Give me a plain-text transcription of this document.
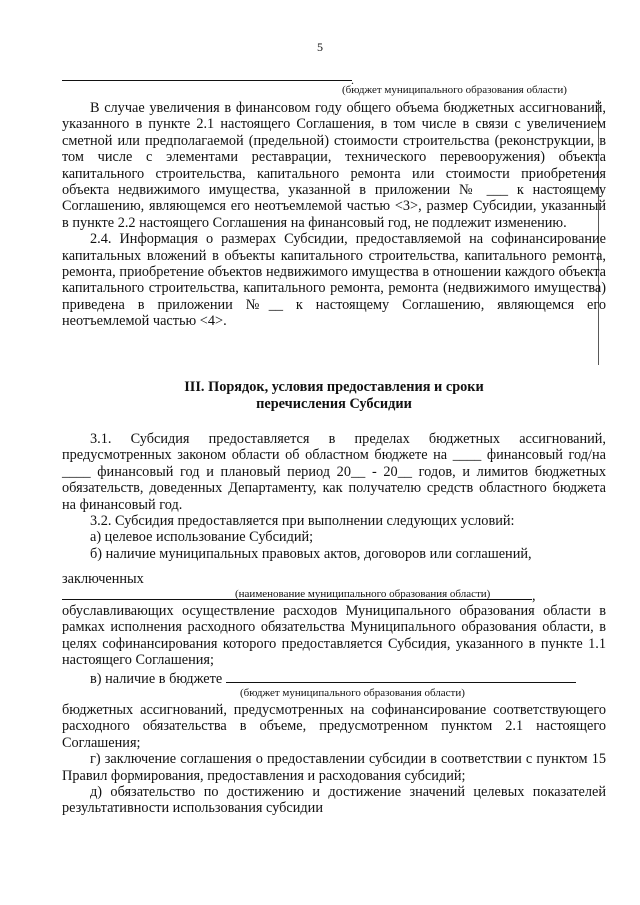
5
.
(бюджет муниципального образования области)

В случае увеличения в финансовом году общего объема бюджетных ассигнований, указанного в пункте 2.1 настоящего Соглашения, в том числе в связи с увеличением сметной или предполагаемой (предельной) стоимости строительства (реконструкции, в том числе с элементами реставрации, технического перевооружения) объекта капитального строительства, капитального ремонта или стоимости приобретения объекта недвижимого имущества, указанной в приложении № ___ к настоящему Соглашению, являющемся его неотъемлемой частью <3>, размер Субсидии, указанный в пункте 2.2 настоящего Соглашения на финансовый год, не подлежит изменению.

2.4. Информация о размерах Субсидии, предоставляемой на софинансирование капитальных вложений в объекты капитального строительства, капитального ремонта, ремонта, приобретение объектов недвижимого имущества в отношении каждого объекта капитального строительства, капитального ремонта, ремонта (недвижимого имущества) приведена в приложении №__ к настоящему Соглашению, являющемся его неотъемлемой частью <4>.

III. Порядок, условия предоставления и сроки
перечисления Субсидии

3.1. Субсидия предоставляется в пределах бюджетных ассигнований, предусмотренных законом области об областном бюджете на ____ финансовый год/на ____ финансовый год и плановый период 20__ - 20__ годов, и лимитов бюджетных обязательств, доведенных Департаменту, как получателю средств областного бюджета на финансовый год.

3.2. Субсидия предоставляется при выполнении следующих условий:

а) целевое использование Субсидий;

б) наличие муниципальных правовых актов, договоров или соглашений,

заключенных,

(наименование муниципального образования области)

обуславливающих осуществление расходов Муниципального образования области в рамках исполнения расходного обязательства Муниципального образования области, в целях софинансирования которого предоставляется Субсидия, указанного в пункте 1.1 настоящего Соглашения;

в) наличие в бюджете

(бюджет муниципального образования области)

бюджетных ассигнований, предусмотренных на софинансирование соответствующего расходного обязательства в объеме, предусмотренном пунктом 2.1 настоящего Соглашения;

г) заключение соглашения о предоставлении субсидии в соответствии с пунктом 15 Правил формирования, предоставления и расходования субсидий;

д) обязательство по достижению и достижение значений целевых показателей результативности использования субсидии
